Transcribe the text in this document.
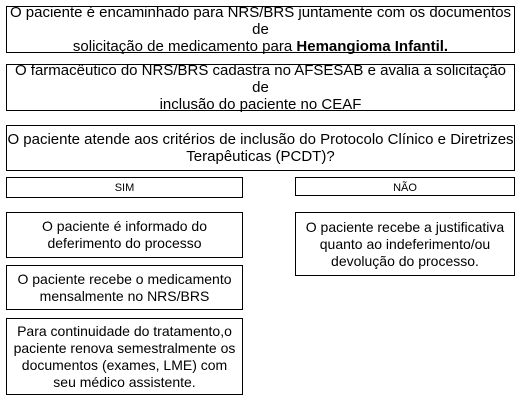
O paciente é encaminhado para NRS/BRS juntamente com os documentos de
solicitação de medicamento para Hemangioma Infantil.
O farmacêutico do NRS/BRS cadastra no AFSESAB e avalia a solicitação de
inclusão do paciente no CEAF
O paciente atende aos critérios de inclusão do Protocolo Clínico e Diretrizes
Terapêuticas (PCDT)?
SIM	NÃO
O paciente é informado do
deferimento do processo
O paciente recebe a justificativa
quanto ao indeferimento/ou
devolução do processo.
O paciente recebe o medicamento
mensalmente no NRS/BRS
Para continuidade do tratamento,o
paciente renova semestralmente os
documentos (exames, LME) com
seu médico assistente.
